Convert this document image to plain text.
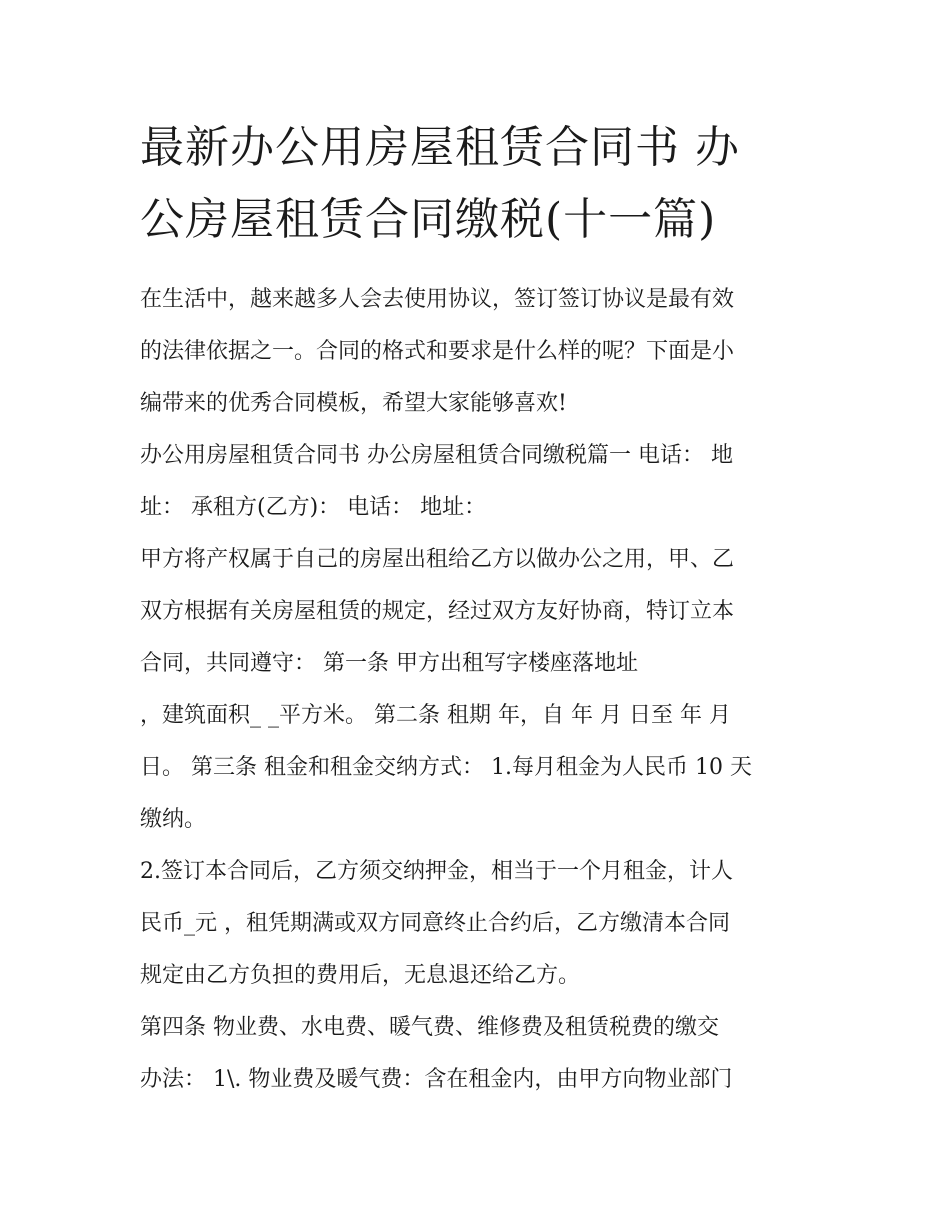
最新办公用房屋租赁合同书 办
公房屋租赁合同缴税(十一篇)
在生活中，越来越多人会去使用协议，签订签订协议是最有效
的法律依据之一。合同的格式和要求是什么样的呢？下面是小
编带来的优秀合同模板，希望大家能够喜欢!
办公用房屋租赁合同书 办公房屋租赁合同缴税篇一 电话： 地
址： 承租方(乙方)： 电话： 地址：
甲方将产权属于自己的房屋出租给乙方以做办公之用，甲、乙
双方根据有关房屋租赁的规定，经过双方友好协商，特订立本
合同，共同遵守： 第一条 甲方出租写字楼座落地址
，建筑面积_ _平方米。 第二条 租期 年，自 年 月 日至 年 月
日。 第三条 租金和租金交纳方式： 1.每月租金为人民币 10 天
缴纳。
2.签订本合同后，乙方须交纳押金，相当于一个月租金，计人
民币_元 ，租凭期满或双方同意终止合约后，乙方缴清本合同
规定由乙方负担的费用后，无息退还给乙方。
第四条 物业费、水电费、暖气费、维修费及租赁税费的缴交
办法： 1\. 物业费及暖气费：含在租金内，由甲方向物业部门
